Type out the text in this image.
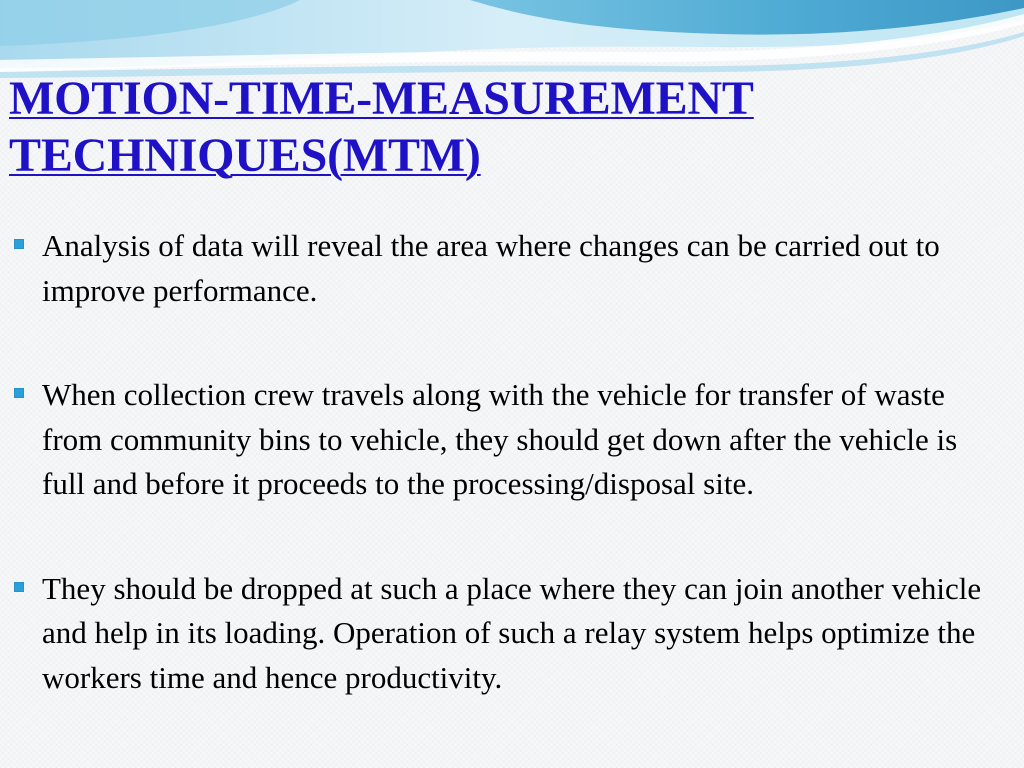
MOTION-TIME-MEASUREMENT
TECHNIQUES(MTM)
Analysis of data will reveal the area where changes can be carried out to improve performance.
When collection crew travels along with the vehicle for transfer of waste from community bins to vehicle, they should get down after the vehicle is full and before it proceeds to the processing/disposal site.
They should be dropped at such a place where they can join another vehicle and help in its loading. Operation of such a relay system helps optimize the workers time and hence productivity.
